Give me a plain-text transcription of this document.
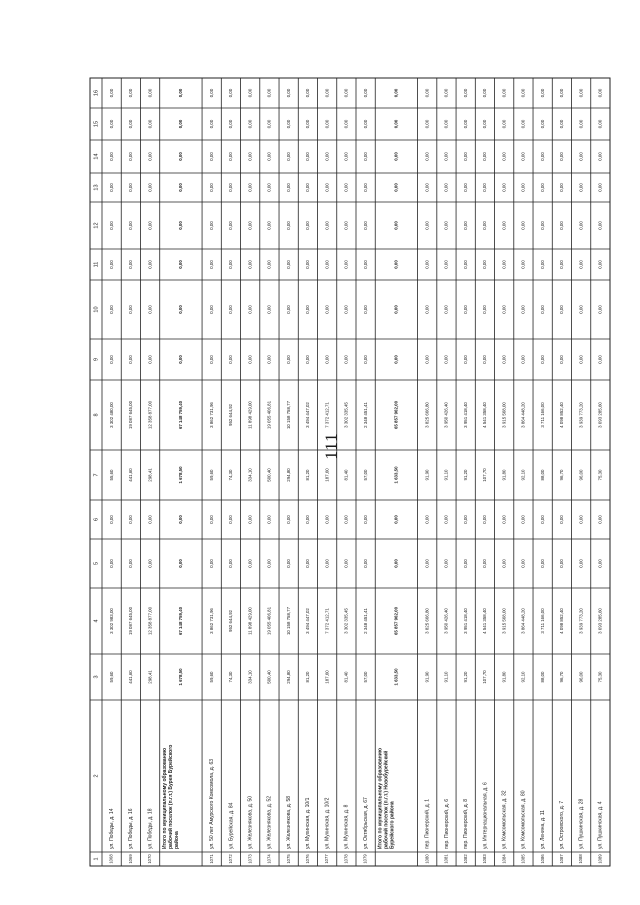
111
1
2
3
4
5
6
7
8
9
10
11
12
13
14
15
16
1068
ул. Победы, д. 14
59,60
3 302 983,00
0,00
0,00
55,60
3 302 480,00
0,00
0,00
0,00
0,00
0,00
0,00
0,00
0,00
1069
ул. Победы, д. 16
441,60
19 087 645,00
0,00
0,00
441,60
19 087 645,00
0,00
0,00
0,00
0,00
0,00
0,00
0,00
0,00
1070
ул. Победы, д. 18
298,41
12 358 877,00
0,00
0,00
298,41
12 358 877,00
0,00
0,00
0,00
0,00
0,00
0,00
0,00
0,00
Итого по муниципальному образованию рабочий поселок (п.г.т.) Бурея Бурейского района
1 678,50
67 148 759,40
0,00
0,00
1 678,50
67 148 759,40
0,00
0,00
0,00
0,00
0,00
0,00
0,00
0,00
1071
ул. 50 лет Амурского Комсомола, д. 63
59,60
3 862 731,96
0,00
0,00
59,60
3 862 731,96
0,00
0,00
0,00
0,00
0,00
0,00
0,00
0,00
1072
ул. Бурейская, д. 84
74,30
952 644,92
0,00
0,00
74,30
952 644,92
0,00
0,00
0,00
0,00
0,00
0,00
0,00
0,00
1073
ул. Железнякова, д. 50
334,10
11 898 429,00
0,00
0,00
334,10
11 898 429,00
0,00
0,00
0,00
0,00
0,00
0,00
0,00
0,00
1074
ул. Железнякова, д. 52
500,40
19 055 406,81
0,00
0,00
500,40
19 055 406,81
0,00
0,00
0,00
0,00
0,00
0,00
0,00
0,00
1075
ул. Железнякова, д. 58
294,80
10 158 758,77
0,00
0,00
294,80
10 158 758,77
0,00
0,00
0,00
0,00
0,00
0,00
0,00
0,00
1076
ул. Мухинская, д. 10/1
81,20
3 494 447,02
0,00
0,00
81,20
3 494 447,02
0,00
0,00
0,00
0,00
0,00
0,00
0,00
0,00
1077
ул. Мухинская, д. 10/2
187,60
7 372 412,71
0,00
0,00
187,60
7 372 412,71
0,00
0,00
0,00
0,00
0,00
0,00
0,00
0,00
1078
ул. Мухинская, д. 8
81,40
3 302 335,45
0,00
0,00
81,40
3 302 335,45
0,00
0,00
0,00
0,00
0,00
0,00
0,00
0,00
1079
ул. Октябрьская, д. 67
57,00
2 348 451,41
0,00
0,00
57,00
2 348 451,41
0,00
0,00
0,00
0,00
0,00
0,00
0,00
0,00
Итого по муниципальному образованию рабочий поселок (п.г.т.) Новобурейский Бурейского района
1 633,50
65 857 962,00
0,00
0,00
1 633,50
65 857 962,00
0,00
0,00
0,00
0,00
0,00
0,00
0,00
0,00
1080
пер. Пионерский, д. 1
91,90
3 825 666,80
0,00
0,00
91,90
3 825 666,80
0,00
0,00
0,00
0,00
0,00
0,00
0,00
0,00
1081
пер. Пионерский, д. 6
91,10
3 950 426,40
0,00
0,00
91,10
3 950 426,40
0,00
0,00
0,00
0,00
0,00
0,00
0,00
0,00
1082
пер. Пионерский, д. 8
91,20
3 951 418,40
0,00
0,00
91,20
3 951 418,40
0,00
0,00
0,00
0,00
0,00
0,00
0,00
0,00
1083
ул. Интернациональная, д. 6
107,70
4 541 358,40
0,00
0,00
107,70
4 541 358,40
0,00
0,00
0,00
0,00
0,00
0,00
0,00
0,00
1084
ул. Комсомольская, д. 32
91,80
3 915 568,00
0,00
0,00
91,80
3 915 568,00
0,00
0,00
0,00
0,00
0,00
0,00
0,00
0,00
1085
ул. Комсомольская, д. 80
92,10
3 864 448,20
0,00
0,00
92,10
3 864 448,20
0,00
0,00
0,00
0,00
0,00
0,00
0,00
0,00
1086
ул. Ленина, д. 11
88,00
3 711 166,00
0,00
0,00
88,00
3 711 166,00
0,00
0,00
0,00
0,00
0,00
0,00
0,00
0,00
1087
ул. Островского, д. 7
96,70
4 098 852,40
0,00
0,00
96,70
4 098 852,40
0,00
0,00
0,00
0,00
0,00
0,00
0,00
0,00
1088
ул. Пушкинская, д. 28
96,00
3 939 773,20
0,00
0,00
96,00
3 939 773,20
0,00
0,00
0,00
0,00
0,00
0,00
0,00
0,00
1089
ул. Пушкинская, д. 4
75,30
3 093 285,60
0,00
0,00
75,30
3 093 285,60
0,00
0,00
0,00
0,00
0,00
0,00
0,00
0,00
